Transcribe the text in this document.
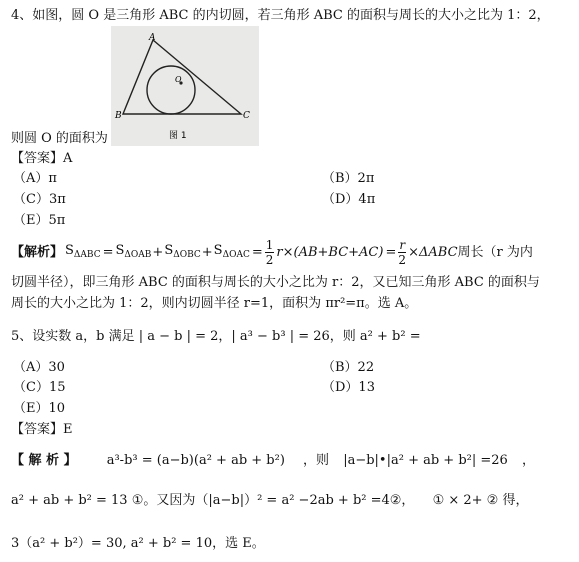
4、如图，圆 O 是三角形 ABC 的内切圆，若三角形 ABC 的面积与周长的大小之比为 1：2，
A
B	C
O
图 1
则圆 O 的面积为
【答案】A
（A）π	（B）2π
（C）3π	（D）4π
（E）5π
【解析】 $S_{\Delta ABC} = S_{\Delta OAB} + S_{\Delta OBC} + S_{\Delta OAC} = \frac{1}{2} r\times(AB+BC+AC) = \frac{r}{2} \times\Delta ABC$ 周长（r 为内
切圆半径），即三角形 ABC 的面积与周长的大小之比为 r：2，又已知三角形 ABC 的面积与
周长的大小之比为 1：2，则内切圆半径 r=1，面积为 πr²=π。选 A。
5、设实数 a，b 满足 | a − b | = 2，| a³ − b³ | = 26，则 a² + b² =
（A）30	（B）22
（C）15	（D）13
（E）10
【答案】E
【 解 析 】 a³-b³ = (a−b)(a² + ab + b²) ，则 |a−b|•|a² + ab + b²| =26 ，
a² + ab + b² = 13 ①。又因为（|a−b|）² = a² −2ab + b² =4②， ① × 2+ ② 得，
3（a² + b²）= 30, a² + b² = 10，选 E。
